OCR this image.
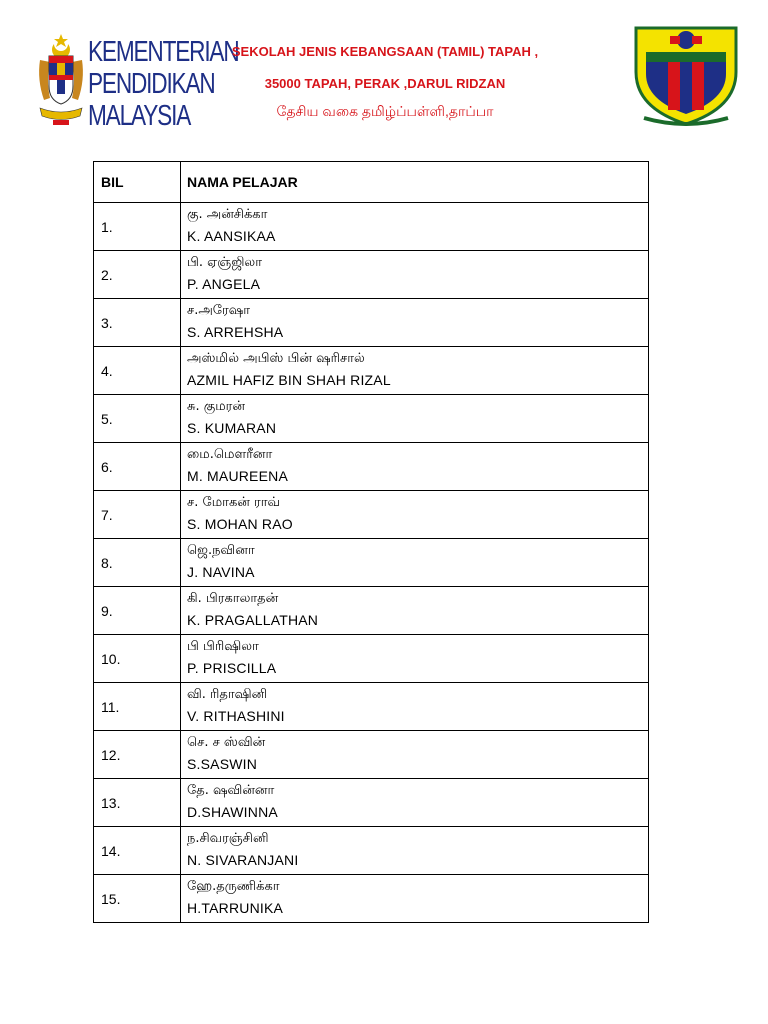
KEMENTERIAN
PENDIDIKAN
MALAYSIA
SEKOLAH JENIS KEBANGSAAN (TAMIL) TAPAH ,
35000 TAPAH, PERAK ,DARUL RIDZAN
தேசிய வகை தமிழ்ப்பள்ளி,தாப்பா
BIL	NAMA PELAJAR
1.	கு. அன்சிக்கா
K. AANSIKAA

2.	பி. ஏஞ்ஜிலா
P. ANGELA

3.	ச.அரேஷா
S. ARREHSHA

4.	அஸ்மில் அபிஸ் பின் ஷரிசால்
AZMIL HAFIZ BIN SHAH RIZAL

5.	சு. குமரன்
S. KUMARAN

6.	மை.மெளரீனா
M. MAUREENA

7.	ச. மோகன் ராவ்
S. MOHAN RAO

8.	ஜெ.நவினா
J. NAVINA

9.	கி. பிரகாலாதன்
K. PRAGALLATHAN

10.	பி பிரிஷிலா
P. PRISCILLA

11.	வி. ரிதாஷினி
V. RITHASHINI

12.	செ. ச ஸ்வின்
S.SASWIN

13.	தே. ஷவின்னா
D.SHAWINNA

14.	ந.சிவரஞ்சினி
N. SIVARANJANI

15.	ஹே.தருணிக்கா
H.TARRUNIKA
